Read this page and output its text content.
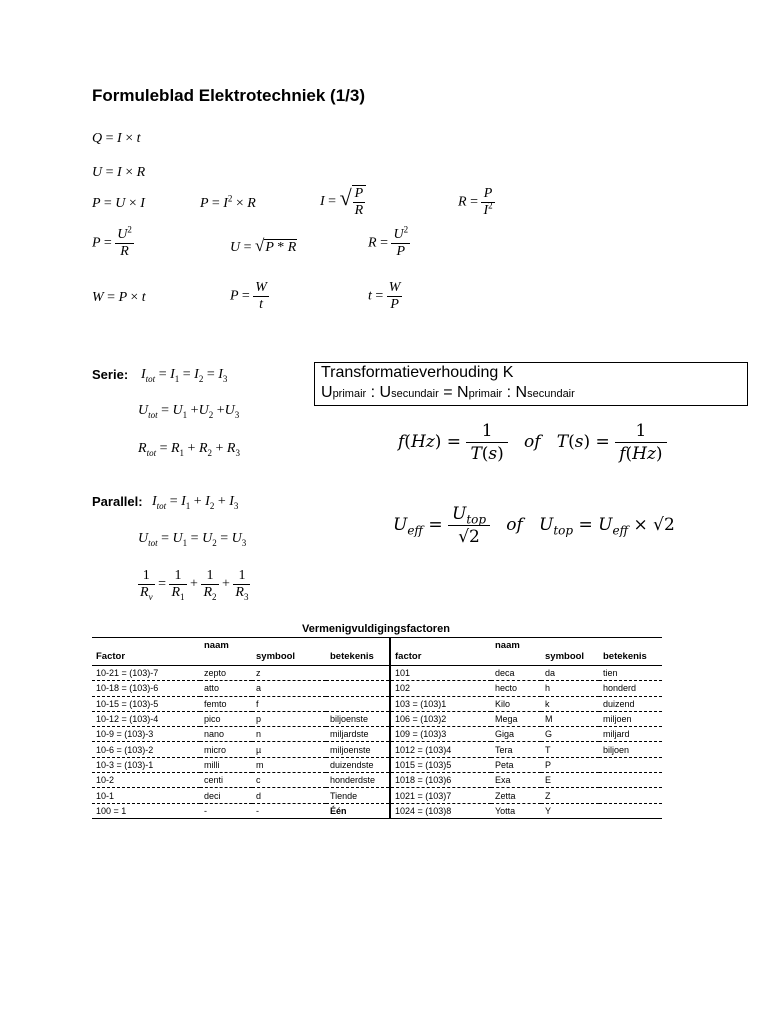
Formuleblad Elektrotechniek (1/3)
Q = I × t
U = I × R
P = U × I	$P = I^2 \times R$	I = √ $\frac{P}{R}$	$R = \frac{P}{I^2}$
$P = \frac{U^2}{R}$	U = √P * R	$R = \frac{U^2}{P}$
W = P × t	$P = \frac{W}{t}$	$t = \frac{W}{P}$
Serie: $I_{tot} = I_1 = I_2 = I_3$
$U_{tot} = U_1 +U_2 +U_3$
$R_{tot} = R_1 + R_2 + R_3$
Transformatieverhouding K
Uprimair : Usecundair = Nprimair : Nsecundair
$f(Hz) = \frac{1}{T(s)}$ of   $T(s) = \frac{1}{f(Hz)}$
$U_{eff} = \frac{U_{top}}{√2}$ of   $U_{top} = U_{eff} \times √2$
Parallel: $I_{tot} = I_1 + I_2 + I_3$
$U_{tot} = U_1 = U_2 = U_3$
$\frac{1}{R_v} = \frac{1}{R_1} + \frac{1}{R_2} + \frac{1}{R_3}$
Vermenigvuldigingsfactoren
Factor	naam	symbool	betekenis	factor	naam	symbool	betekenis
10-21 = (103)-7	zepto	z		101	deca	da	tien
10-18 = (103)-6	atto	a		102	hecto	h	honderd
10-15 = (103)-5	femto	f		103 = (103)1	Kilo	k	duizend
10-12 = (103)-4	pico	p	biljoenste	106 = (103)2	Mega	M	miljoen
10-9 = (103)-3	nano	n	miljardste	109 = (103)3	Giga	G	miljard
10-6 = (103)-2	micro	µ	miljoenste	1012 = (103)4	Tera	T	biljoen
10-3 = (103)-1	milli	m	duizendste	1015 = (103)5	Peta	P	
10-2	centi	c	honderdste	1018 = (103)6	Exa	E	
10-1	deci	d	Tiende	1021 = (103)7	Zetta	Z	
100 = 1	-	-	Één	1024 = (103)8	Yotta	Y	
